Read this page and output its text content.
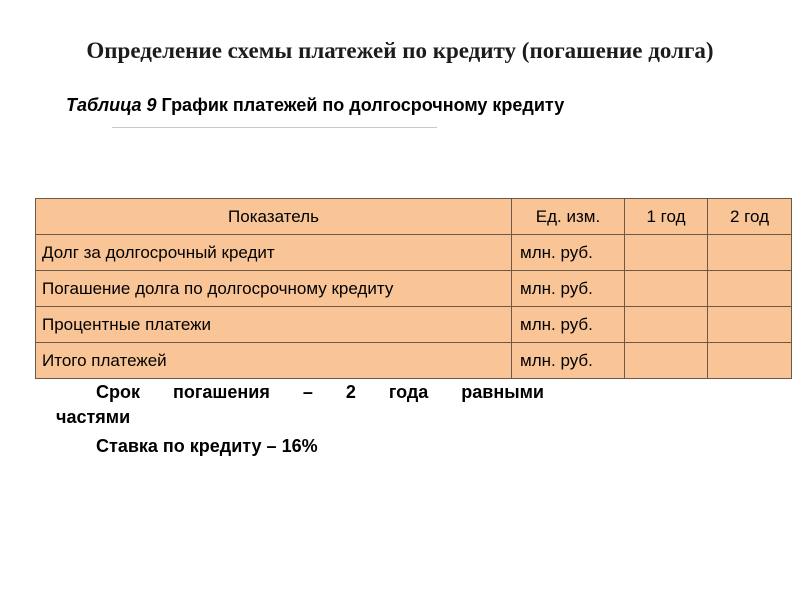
Определение схемы платежей по кредиту (погашение долга)
Таблица 9 График платежей по долгосрочному кредиту
Показатель	Ед. изм.	1 год	2 год
Долг за долгосрочный кредит	млн. руб.		
Погашение долга по долгосрочному кредиту	млн. руб.		
Процентные платежи	млн. руб.		
Итого платежей	млн. руб.		
Срок погашения – 2 года равными
частями
Ставка по кредиту – 16%
